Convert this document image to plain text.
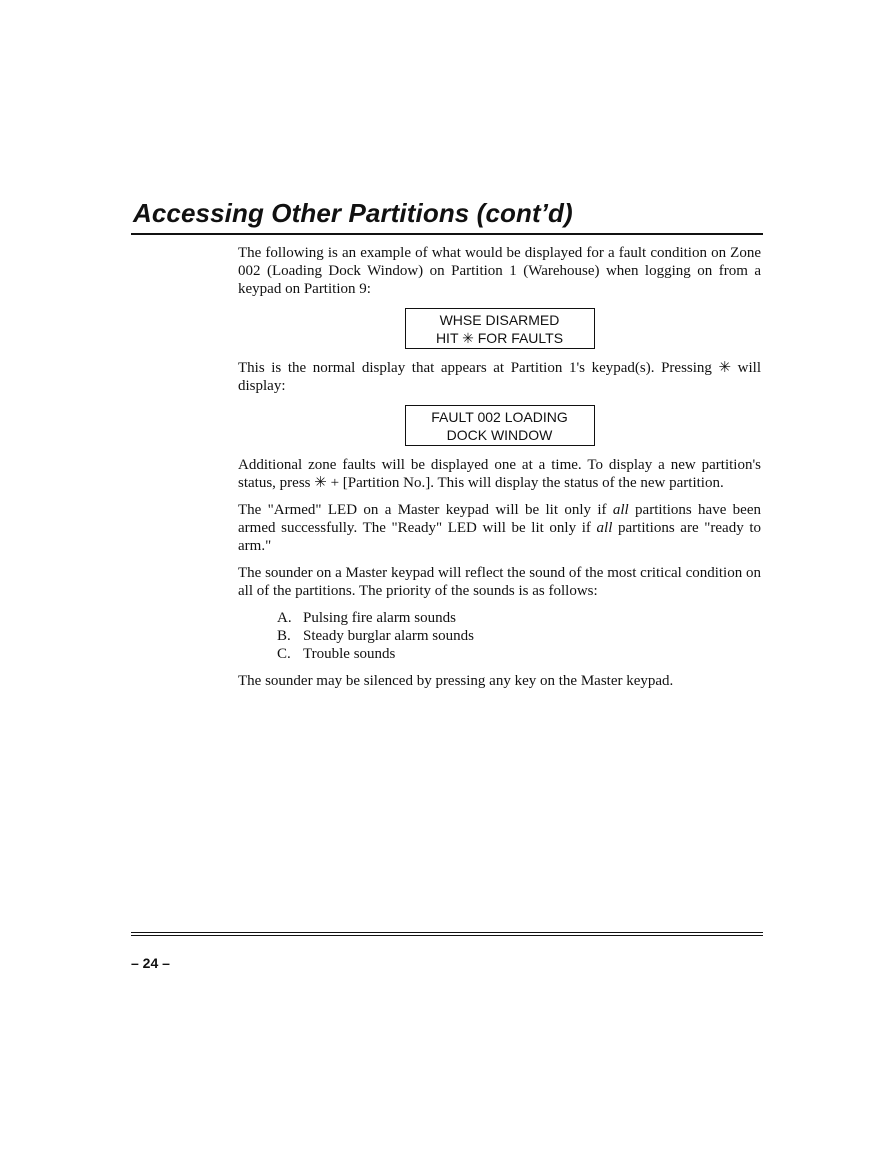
Accessing Other Partitions (cont’d)

The following is an example of what would be displayed for a fault condition on Zone 002 (Loading Dock Window) on Partition 1 (Warehouse) when logging on from a keypad on Partition 9:

WHSE DISARMED
HIT ✳ FOR FAULTS

This is the normal display that appears at Partition 1's keypad(s). Pressing ✳ will display:

FAULT 002 LOADING
DOCK WINDOW

Additional zone faults will be displayed one at a time. To display a new partition's status, press ✳ + [Partition No.]. This will display the status of the new partition.

The "Armed" LED on a Master keypad will be lit only if all partitions have been armed successfully. The "Ready" LED will be lit only if all partitions are "ready to arm."

The sounder on a Master keypad will reflect the sound of the most critical condition on all of the partitions. The priority of the sounds is as follows:

A. Pulsing fire alarm sounds
B. Steady burglar alarm sounds
C. Trouble sounds

The sounder may be silenced by pressing any key on the Master keypad.

– 24 –
